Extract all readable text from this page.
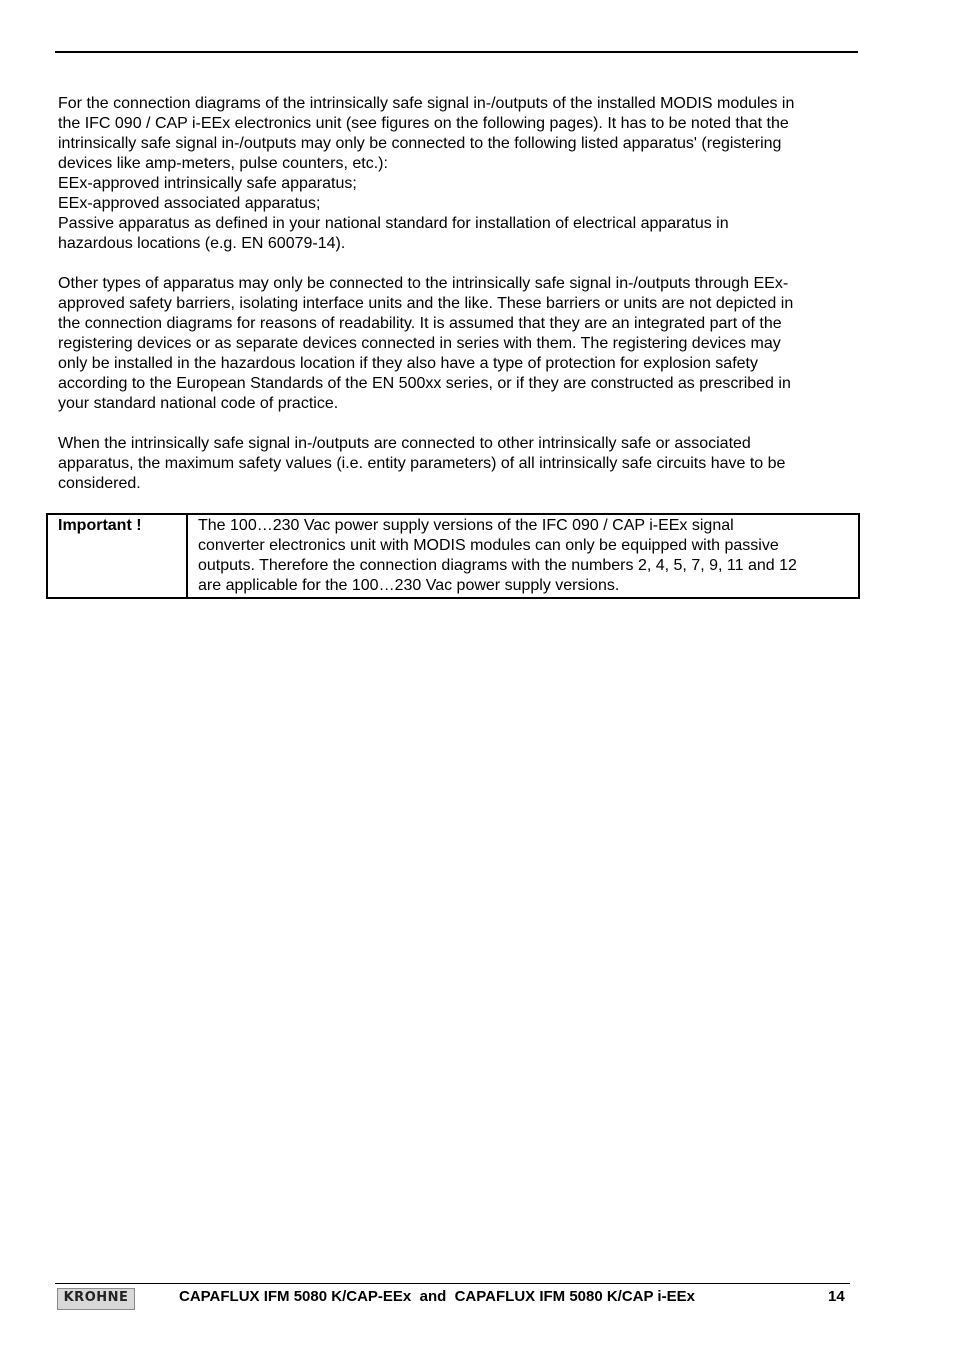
For the connection diagrams of the intrinsically safe signal in-/outputs of the installed MODIS modules in
the IFC 090 / CAP i-EEx electronics unit (see figures on the following pages). It has to be noted that the
intrinsically safe signal in-/outputs may only be connected to the following listed apparatus' (registering
devices like amp-meters, pulse counters, etc.):
EEx-approved intrinsically safe apparatus;
EEx-approved associated apparatus;
Passive apparatus as defined in your national standard for installation of electrical apparatus in
hazardous locations (e.g. EN 60079-14).

Other types of apparatus may only be connected to the intrinsically safe signal in-/outputs through EEx-
approved safety barriers, isolating interface units and the like. These barriers or units are not depicted in
the connection diagrams for reasons of readability. It is assumed that they are an integrated part of the
registering devices or as separate devices connected in series with them. The registering devices may
only be installed in the hazardous location if they also have a type of protection for explosion safety
according to the European Standards of the EN 500xx series, or if they are constructed as prescribed in
your standard national code of practice.

When the intrinsically safe signal in-/outputs are connected to other intrinsically safe or associated
apparatus, the maximum safety values (i.e. entity parameters) of all intrinsically safe circuits have to be
considered.

Important !	The 100…230 Vac power supply versions of the IFC 090 / CAP i-EEx signal
converter electronics unit with MODIS modules can only be equipped with passive
outputs. Therefore the connection diagrams with the numbers 2, 4, 5, 7, 9, 11 and 12
are applicable for the 100…230 Vac power supply versions.
KROHNE	CAPAFLUX IFM 5080 K/CAP-EEx  and  CAPAFLUX IFM 5080 K/CAP i-EEx	14
